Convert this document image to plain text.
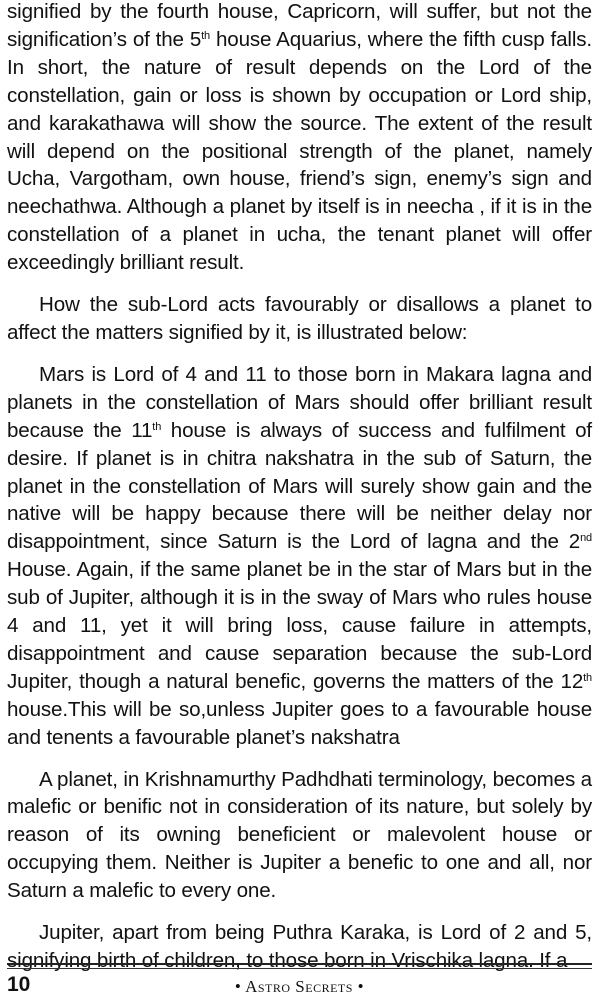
signified by the fourth house, Capricorn, will suffer, but not the signification’s of the 5th house Aquarius, where the fifth cusp falls. In short, the nature of result depends on the Lord of the constellation, gain or loss is shown by occupation or Lord ship, and karakathawa will show the source. The extent of the result will depend on the positional strength of the planet, namely Ucha, Vargotham, own house, friend’s sign, enemy’s sign and neechathwa. Although a planet by itself is in neecha , if it is in the constellation of a planet in ucha, the tenant planet will offer exceedingly brilliant result.

How the sub-Lord acts favourably or disallows a planet to affect the matters signified by it, is illustrated below:

Mars is Lord of 4 and 11 to those born in Makara lagna and planets in the constellation of Mars should offer brilliant result because the 11th house is always of success and fulfilment of desire. If planet is in chitra nakshatra in the sub of Saturn, the planet in the constellation of Mars will surely show gain and the native will be happy because there will be neither delay nor disappointment, since Saturn is the Lord of lagna and the 2nd House. Again, if the same planet be in the star of Mars but in the sub of Jupiter, although it is in the sway of Mars who rules house 4 and 11, yet it will bring loss, cause failure in attempts, disappointment and cause separation because the sub-Lord Jupiter, though a natural benefic, governs the matters of the 12th house.This will be so,unless Jupiter goes to a favourable house and tenents a favourable planet’s nakshatra

A planet, in Krishnamurthy Padhdhati terminology, becomes a malefic or benific not in consideration of its nature, but solely by reason of its owning beneficient or malevolent house or occupying them. Neither is Jupiter a benefic to one and all, nor Saturn a malefic to every one.

Jupiter, apart from being Puthra Karaka, is Lord of 2 and 5, signifying birth of children, to those born in Vrischika lagna. If a

10	• Astro Secrets •
